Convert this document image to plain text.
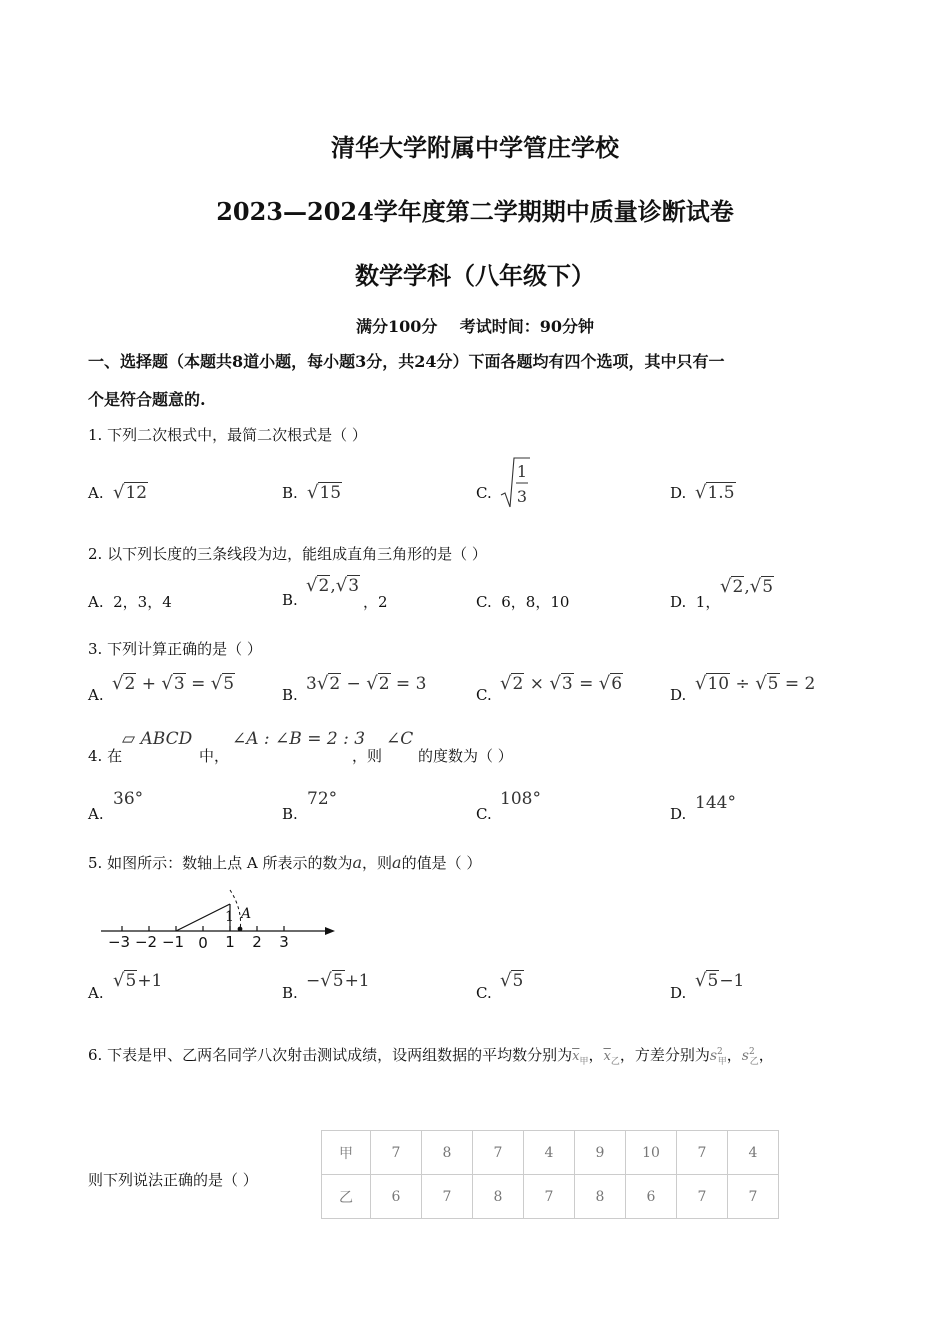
清华大学附属中学管庄学校
2023—2024学年度第二学期期中质量诊断试卷
数学学科（八年级下）
满分100分    考试时间：90分钟
一、选择题（本题共8道小题，每小题3分，共24分）下面各题均有四个选项，其中只有一
个是符合题意的.
1. 下列二次根式中，最简二次根式是（ ）
A. √12	B. √15	C.
1
3	D. √1.5
2. 以下列长度的三条线段为边，能组成直角三角形的是（ ）
A.  2，3，4	B.
√2,√3
，2	C.  6，8，10	D.  1，
√2,√5
3. 下列计算正确的是（ ）
A.
√2 + √3 = √5
B.
3√2 − √2 = 3
C.
√2 × √3 = √6
D.
√10 ÷ √5 = 2
4. 在
▱ ABCD
中，
∠A : ∠B = 2 : 3
，则
∠C
的度数为（ ）
A.
36°
B.
72°
C.
108°
D.
144°
5. 如图所示：数轴上点 A 所表示的数为a，则a的值是（ ）
1 A
−3 −2 −1 0 1 2 3
A.
√5+1
B.
−√5+1
C.
√5
D.
√5−1
6. 下表是甲、乙两名同学八次射击测试成绩，设两组数据的平均数分别为$\overline{x}_甲$，$\overline{x}_乙$，方差分别为$s^2_甲$，$s^2_乙$，
则下列说法正确的是（ ）
甲	7	8	7	4	9	10	7	4
乙	6	7	8	7	8	6	7	7
